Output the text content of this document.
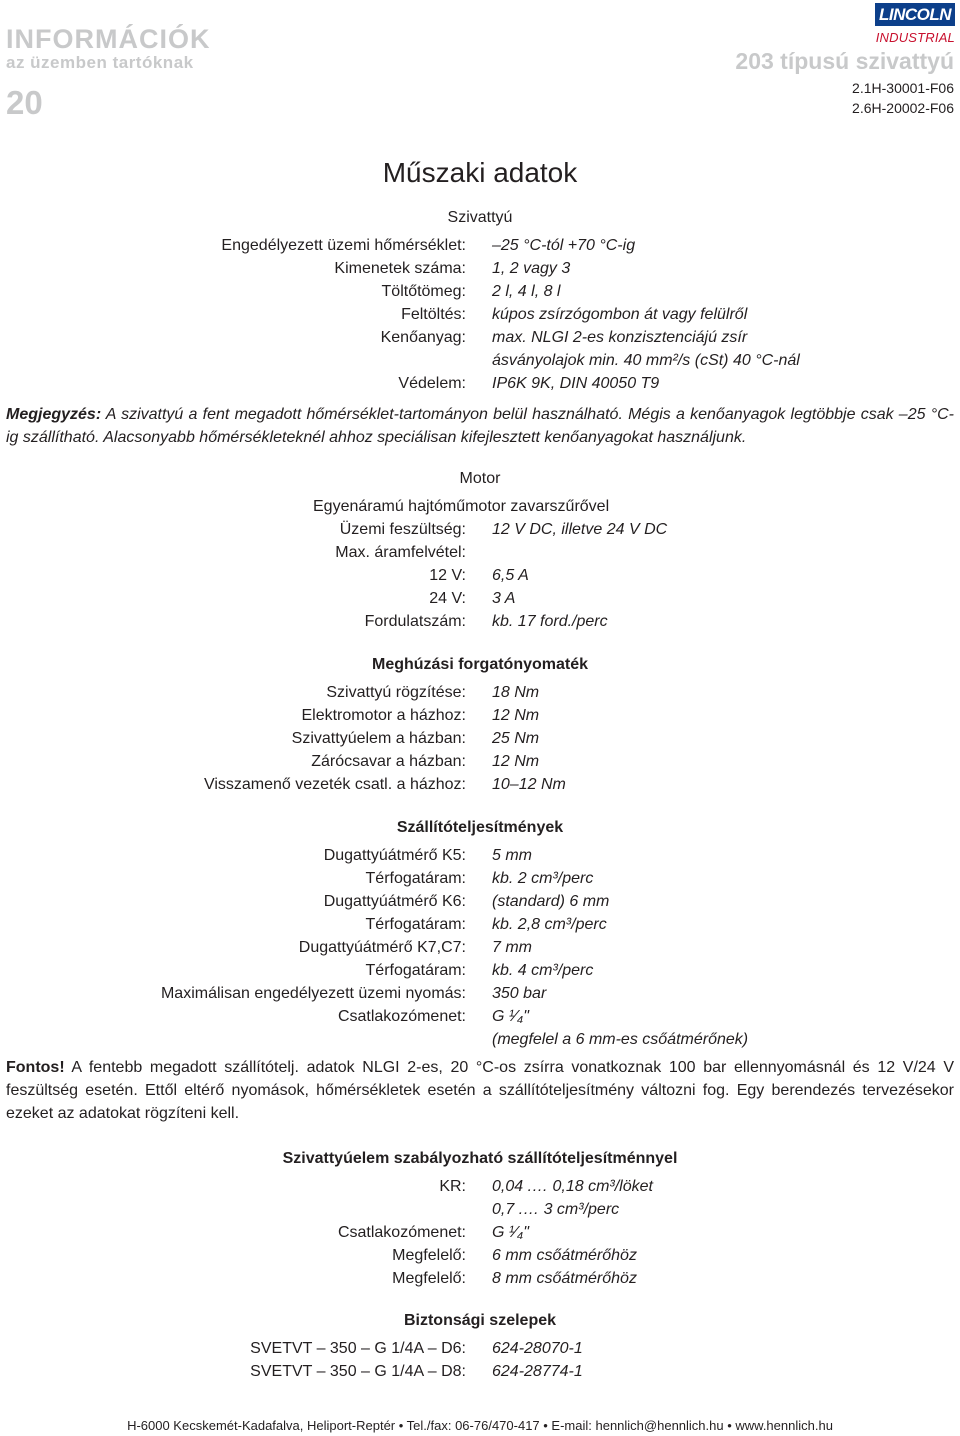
INFORMÁCIÓK
az üzemben tartóknak
20
LINCOLN
INDUSTRIAL
203 típusú szivattyú
2.1H-30001-F06
2.6H-20002-F06
Műszaki adatok
Szivattyú
Engedélyezett üzemi hőmérséklet: –25 °C-tól +70 °C-ig
Kimenetek száma: 1, 2 vagy 3
Töltőtömeg: 2 l, 4 l, 8 l
Feltöltés: kúpos zsírzógombon át vagy felülről
Kenőanyag: max. NLGI 2-es konzisztenciájú zsír
ásványolajok min. 40 mm²/s (cSt) 40 °C-nál
Védelem: IP6K 9K, DIN 40050 T9
Megjegyzés: A szivattyú a fent megadott hőmérséklet-tartományon belül használható. Mégis a kenőanyagok legtöbbje csak –25 °C-ig szállítható. Alacsonyabb hőmérsékleteknél ahhoz speciálisan kifejlesztett kenőanyagokat használjunk.
Motor
Egyenáramú hajtóműmotor zavarszűrővel
Üzemi feszültség: 12 V DC, illetve 24 V DC
Max. áramfelvétel:
12 V: 6,5 A
24 V: 3 A
Fordulatszám: kb. 17 ford./perc
Meghúzási forgatónyomaték
Szivattyú rögzítése: 18 Nm
Elektromotor a házhoz: 12 Nm
Szivattyúelem a házban: 25 Nm
Zárócsavar a házban: 12 Nm
Visszamenő vezeték csatl. a házhoz: 10–12 Nm
Szállítóteljesítmények
Dugattyúátmérő K5: 5 mm
Térfogatáram: kb. 2 cm³/perc
Dugattyúátmérő K6: (standard) 6 mm
Térfogatáram: kb. 2,8 cm³/perc
Dugattyúátmérő K7,C7: 7 mm
Térfogatáram: kb. 4 cm³/perc
Maximálisan engedélyezett üzemi nyomás: 350 bar
Csatlakozómenet: G ¹⁄₄"
(megfelel a 6 mm-es csőátmérőnek)
Fontos! A fentebb megadott szállítótelj. adatok NLGI 2-es, 20 °C-os zsírra vonatkoznak 100 bar ellennyomásnál és 12 V/24 V feszültség esetén. Ettől eltérő nyomások, hőmérsékletek esetén a szállítóteljesítmény változni fog. Egy berendezés tervezésekor ezeket az adatokat rögzíteni kell.
Szivattyúelem szabályozható szállítóteljesítménnyel
KR: 0,04 .… 0,18 cm³/löket
0,7 .… 3 cm³/perc
Csatlakozómenet: G ¹⁄₄"
Megfelelő: 6 mm csőátmérőhöz
Megfelelő: 8 mm csőátmérőhöz
Biztonsági szelepek
SVETVT – 350 – G 1/4A – D6: 624-28070-1
SVETVT – 350 – G 1/4A – D8: 624-28774-1
H-6000 Kecskemét-Kadafalva, Heliport-Reptér • Tel./fax: 06-76/470-417 • E-mail: hennlich@hennlich.hu • www.hennlich.hu
